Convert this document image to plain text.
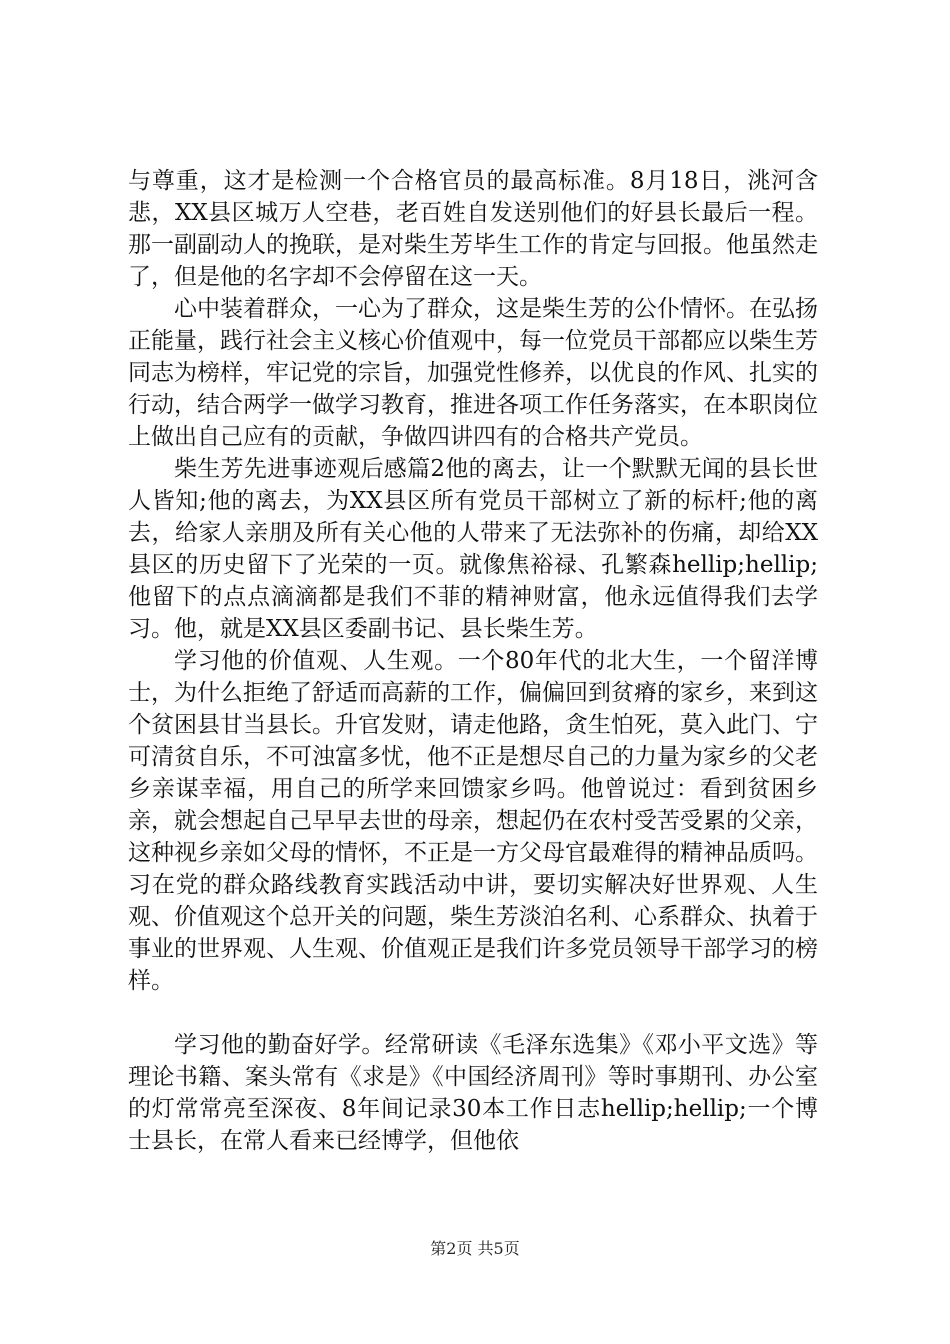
与尊重，这才是检测一个合格官员的最高标准。8月18日，洮河含悲，XX县区城万人空巷，老百姓自发送别他们的好县长最后一程。那一副副动人的挽联，是对柴生芳毕生工作的肯定与回报。他虽然走了，但是他的名字却不会停留在这一天。

心中装着群众，一心为了群众，这是柴生芳的公仆情怀。在弘扬正能量，践行社会主义核心价值观中，每一位党员干部都应以柴生芳同志为榜样，牢记党的宗旨，加强党性修养，以优良的作风、扎实的行动，结合两学一做学习教育，推进各项工作任务落实，在本职岗位上做出自己应有的贡献，争做四讲四有的合格共产党员。

柴生芳先进事迹观后感篇2他的离去，让一个默默无闻的县长世人皆知;他的离去，为XX县区所有党员干部树立了新的标杆;他的离去，给家人亲朋及所有关心他的人带来了无法弥补的伤痛，却给XX县区的历史留下了光荣的一页。就像焦裕禄、孔繁森hellip;hellip;他留下的点点滴滴都是我们不菲的精神财富，他永远值得我们去学习。他，就是XX县区委副书记、县长柴生芳。

学习他的价值观、人生观。一个80年代的北大生，一个留洋博士，为什么拒绝了舒适而高薪的工作，偏偏回到贫瘠的家乡，来到这个贫困县甘当县长。升官发财，请走他路，贪生怕死，莫入此门、宁可清贫自乐，不可浊富多忧，他不正是想尽自己的力量为家乡的父老乡亲谋幸福，用自己的所学来回馈家乡吗。他曾说过：看到贫困乡亲，就会想起自己早早去世的母亲，想起仍在农村受苦受累的父亲，这种视乡亲如父母的情怀，不正是一方父母官最难得的精神品质吗。习在党的群众路线教育实践活动中讲，要切实解决好世界观、人生观、价值观这个总开关的问题，柴生芳淡泊名利、心系群众、执着于事业的世界观、人生观、价值观正是我们许多党员领导干部学习的榜样。

学习他的勤奋好学。经常研读《毛泽东选集》《邓小平文选》等理论书籍、案头常有《求是》《中国经济周刊》等时事期刊、办公室的灯常常亮至深夜、8年间记录30本工作日志hellip;hellip;一个博士县长，在常人看来已经博学，但他依

第2页 共5页
